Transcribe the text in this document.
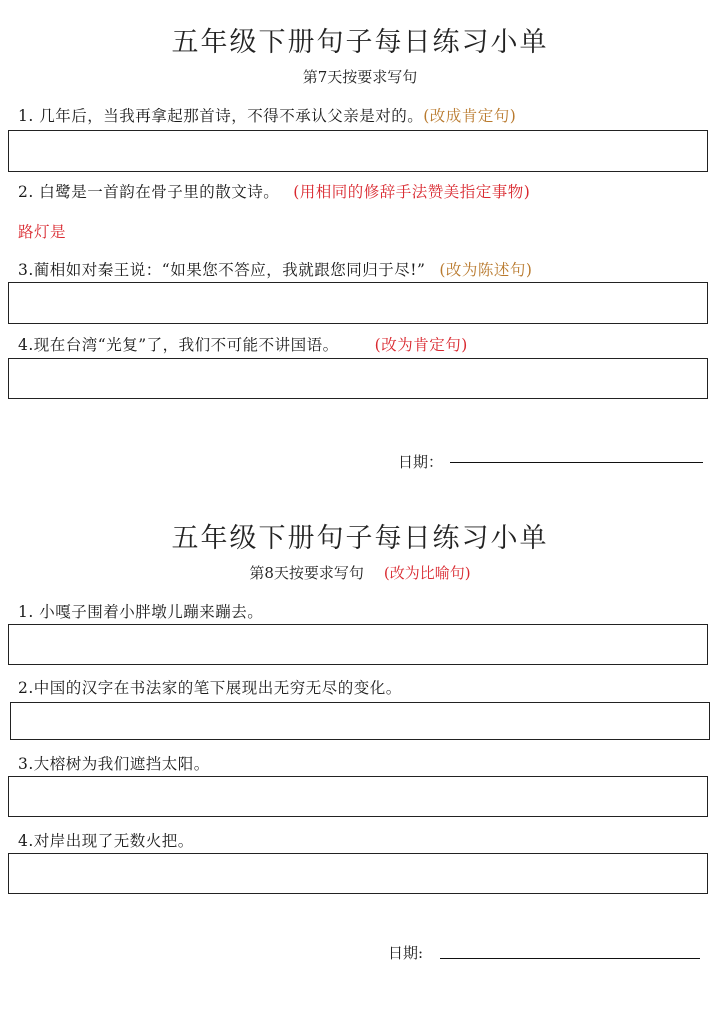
五年级下册句子每日练习小单
第7天按要求写句
1. 几年后，当我再拿起那首诗，不得不承认父亲是对的。(改成肯定句)
2. 白鹭是一首韵在骨子里的散文诗。 (用相同的修辞手法赞美指定事物)
路灯是
3.蔺相如对秦王说：“如果您不答应，我就跟您同归于尽!” (改为陈述句)
4.现在台湾“光复”了，我们不可能不讲国语。 (改为肯定句)
日期：
五年级下册句子每日练习小单
第8天按要求写句 (改为比喻句)
1. 小嘎子围着小胖墩儿蹦来蹦去。
2.中国的汉字在书法家的笔下展现出无穷无尽的变化。
3.大榕树为我们遮挡太阳。
4.对岸出现了无数火把。
日期:
